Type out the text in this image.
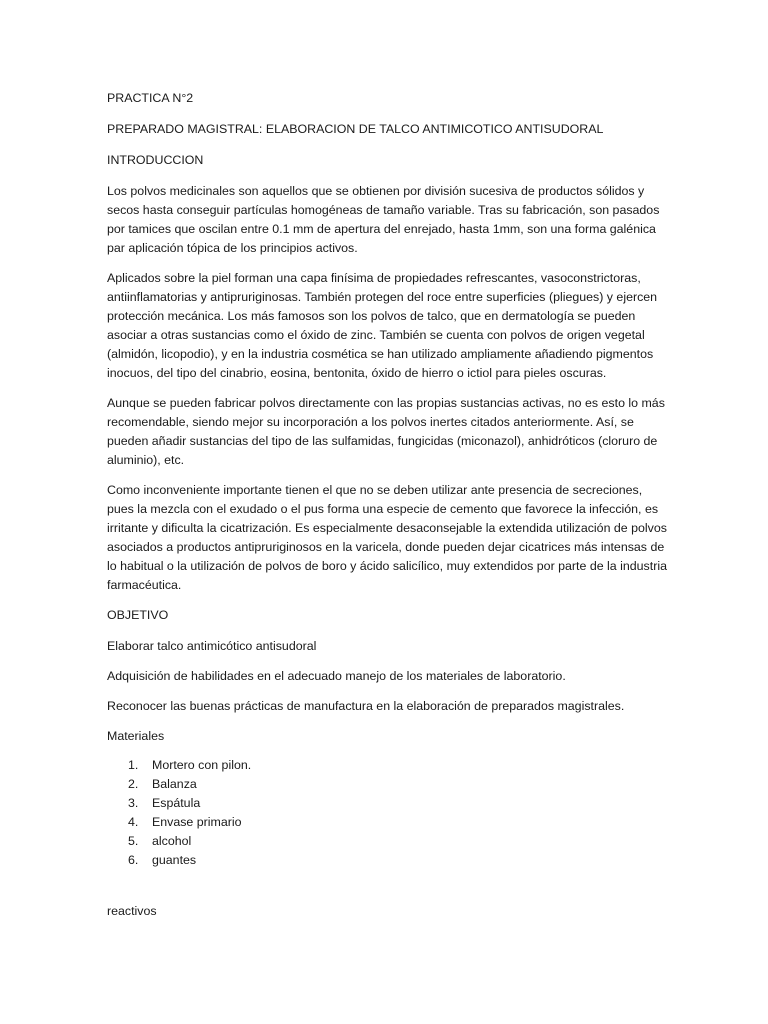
PRACTICA N°2

PREPARADO MAGISTRAL: ELABORACION DE TALCO ANTIMICOTICO ANTISUDORAL

INTRODUCCION

Los polvos medicinales son aquellos que se obtienen por división sucesiva de productos sólidos y secos hasta conseguir partículas homogéneas de tamaño variable. Tras su fabricación, son pasados por tamices que oscilan entre 0.1 mm de apertura del enrejado, hasta 1mm, son una forma galénica par aplicación tópica de los principios activos.

Aplicados sobre la piel forman una capa finísima de propiedades refrescantes, vasoconstrictoras, antiinflamatorias y antipruriginosas. También protegen del roce entre superficies (pliegues) y ejercen protección mecánica. Los más famosos son los polvos de talco, que en dermatología se pueden asociar a otras sustancias como el óxido de zinc. También se cuenta con polvos de origen vegetal (almidón, licopodio), y en la industria cosmética se han utilizado ampliamente añadiendo pigmentos inocuos, del tipo del cinabrio, eosina, bentonita, óxido de hierro o ictiol para pieles oscuras.

Aunque se pueden fabricar polvos directamente con las propias sustancias activas, no es esto lo más recomendable, siendo mejor su incorporación a los polvos inertes citados anteriormente. Así, se pueden añadir sustancias del tipo de las sulfamidas, fungicidas (miconazol), anhidróticos (cloruro de aluminio), etc.

Como inconveniente importante tienen el que no se deben utilizar ante presencia de secreciones, pues la mezcla con el exudado o el pus forma una especie de cemento que favorece la infección, es irritante y dificulta la cicatrización. Es especialmente desaconsejable la extendida utilización de polvos asociados a productos antipruriginosos en la varicela, donde pueden dejar cicatrices más intensas de lo habitual o la utilización de polvos de boro y ácido salicílico, muy extendidos por parte de la industria farmacéutica.

OBJETIVO

Elaborar talco antimicótico antisudoral

Adquisición de habilidades en el adecuado manejo de los materiales de laboratorio.

Reconocer las buenas prácticas de manufactura en la elaboración de preparados magistrales.

Materiales

1.	Mortero con pilon.
2.	Balanza
3.	Espátula
4.	Envase primario
5.	alcohol
6.	guantes

reactivos
